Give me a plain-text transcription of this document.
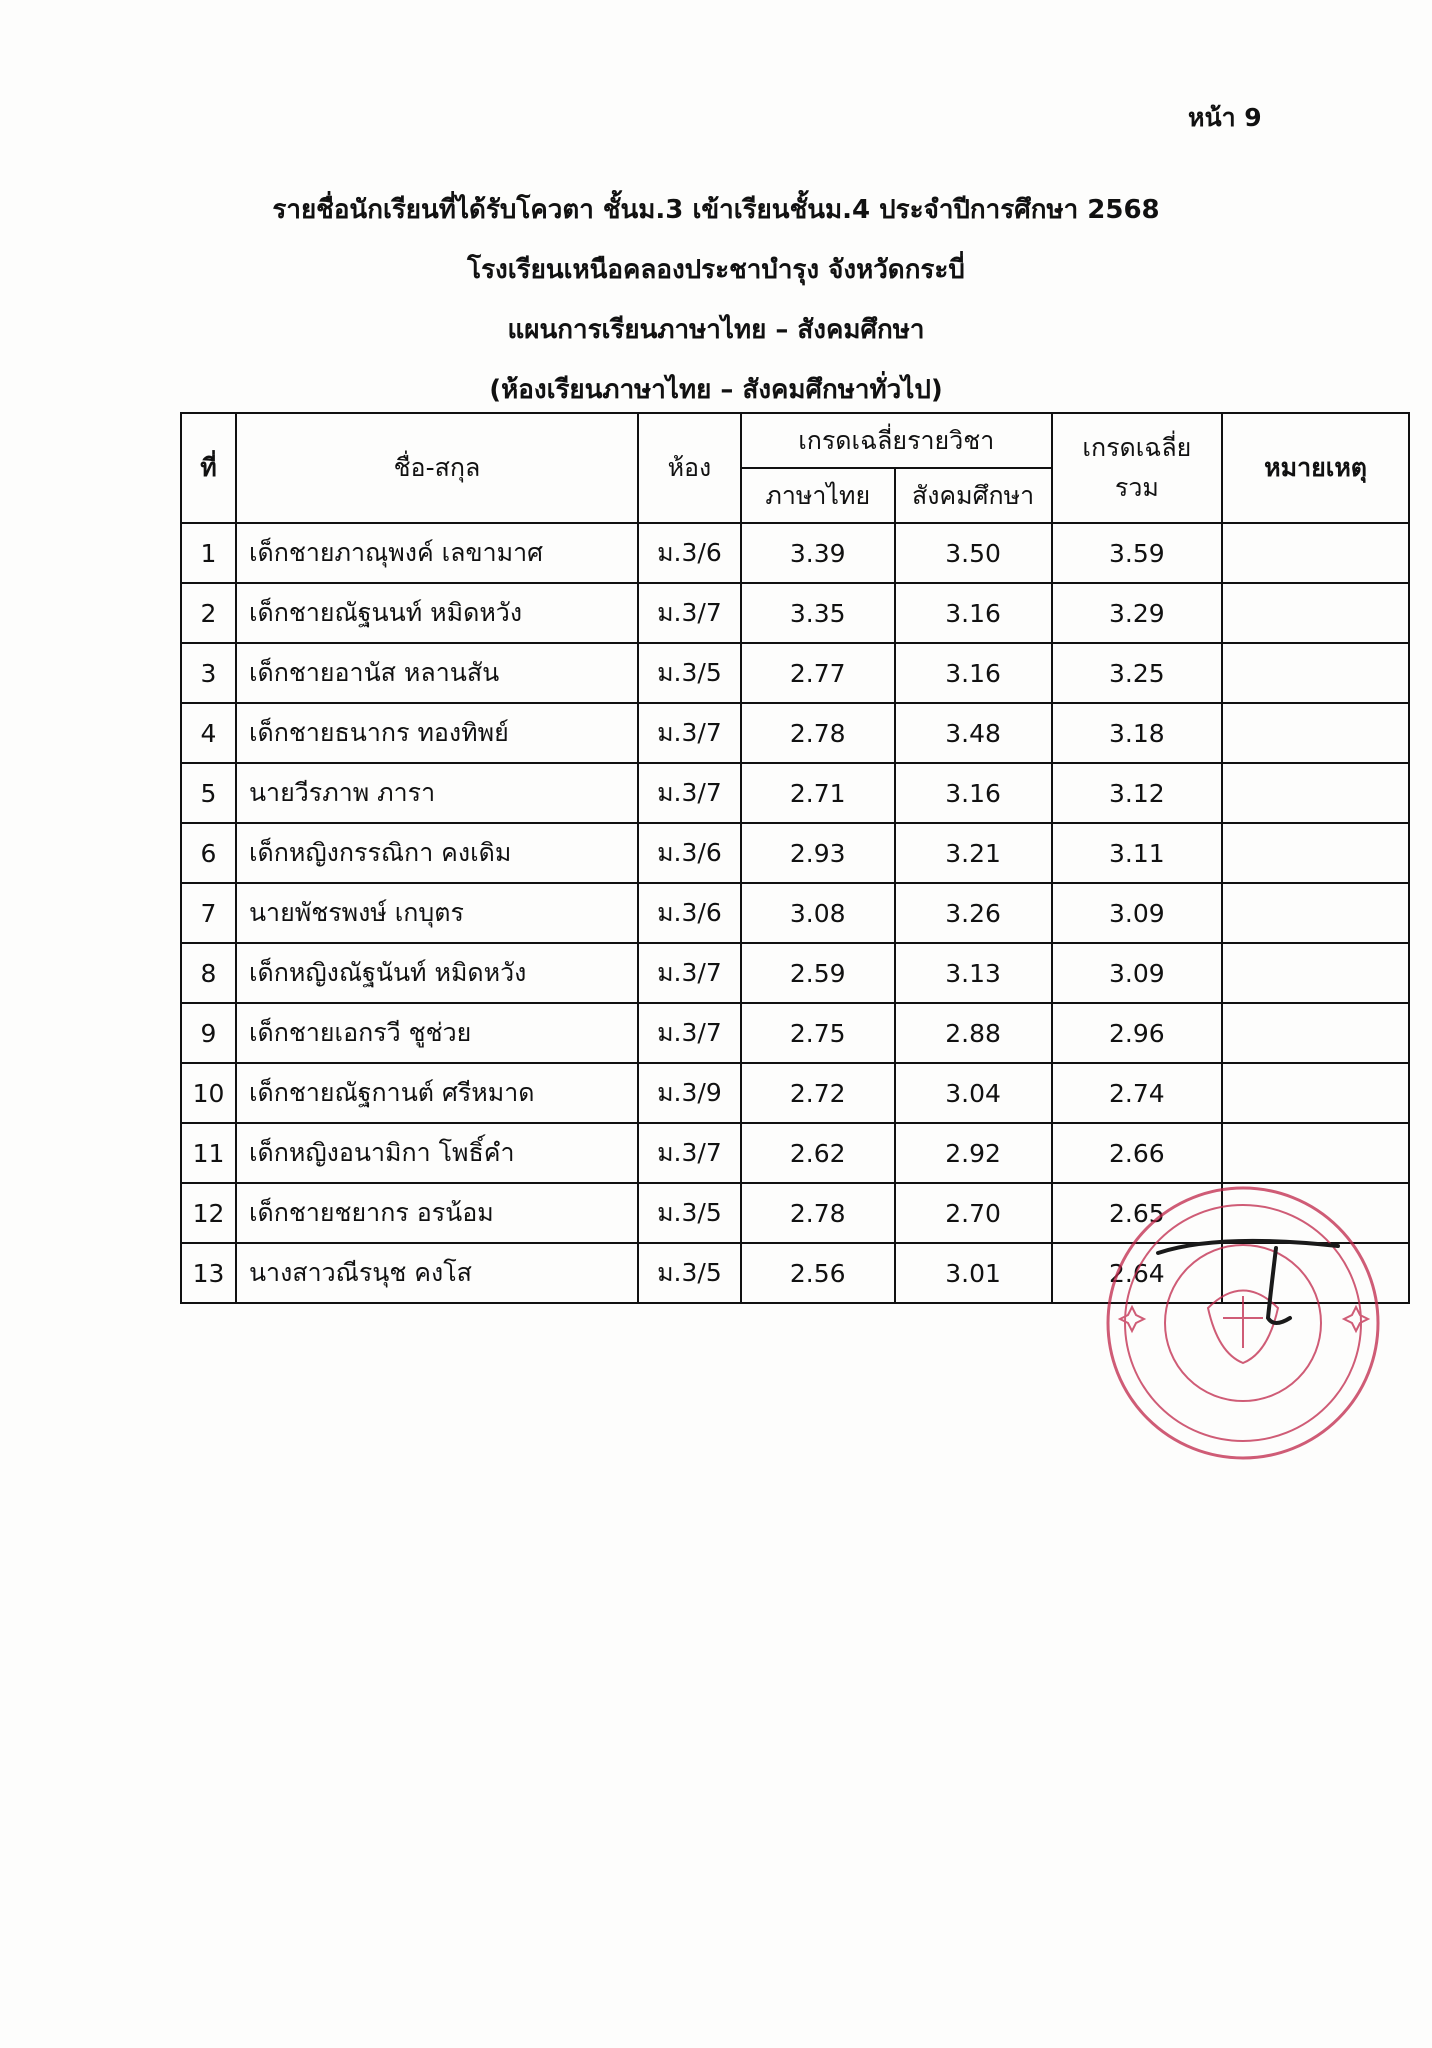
หน้า 9
รายชื่อนักเรียนที่ได้รับโควตา ชั้นม.3 เข้าเรียนชั้นม.4 ประจำปีการศึกษา 2568
โรงเรียนเหนือคลองประชาบำรุง จังหวัดกระบี่
แผนการเรียนภาษาไทย – สังคมศึกษา
(ห้องเรียนภาษาไทย – สังคมศึกษาทั่วไป)
ที่	ชื่อ-สกุล	ห้อง	เกรดเฉลี่ยรายวิชา		เกรดเฉลี่ยรวม	หมายเหตุ
			ภาษาไทย	สังคมศึกษา		
1	เด็กชายภาณุพงค์ เลขามาศ	ม.3/6	3.39	3.50	3.59	
2	เด็กชายณัฐนนท์ หมิดหวัง	ม.3/7	3.35	3.16	3.29	
3	เด็กชายอานัส หลานสัน	ม.3/5	2.77	3.16	3.25	
4	เด็กชายธนากร ทองทิพย์	ม.3/7	2.78	3.48	3.18	
5	นายวีรภาพ ภารา	ม.3/7	2.71	3.16	3.12	
6	เด็กหญิงกรรณิกา คงเดิม	ม.3/6	2.93	3.21	3.11	
7	นายพัชรพงษ์ เกบุตร	ม.3/6	3.08	3.26	3.09	
8	เด็กหญิงณัฐนันท์ หมิดหวัง	ม.3/7	2.59	3.13	3.09	
9	เด็กชายเอกรวี ชูช่วย	ม.3/7	2.75	2.88	2.96	
10	เด็กชายณัฐกานต์ ศรีหมาด	ม.3/9	2.72	3.04	2.74	
11	เด็กหญิงอนามิกา โพธิ์คำ	ม.3/7	2.62	2.92	2.66	
12	เด็กชายชยากร อรน้อม	ม.3/5	2.78	2.70	2.65	
13	นางสาวณีรนุช คงโส	ม.3/5	2.56	3.01	2.64	
